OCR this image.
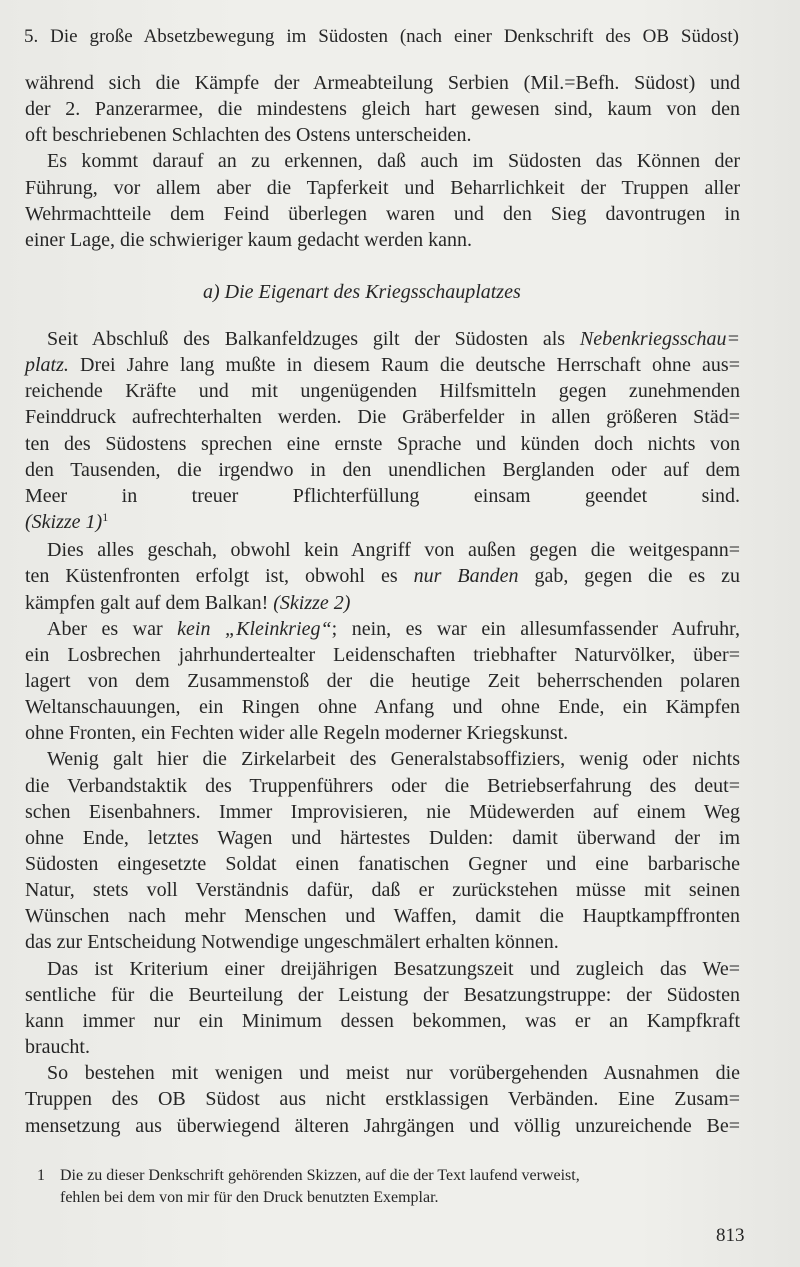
5. Die große Absetzbewegung im Südosten (nach einer Denkschrift des OB Südost)
während sich die Kämpfe der Armeabteilung Serbien (Mil.=Befh. Südost) und
der 2. Panzerarmee, die mindestens gleich hart gewesen sind, kaum von den
oft beschriebenen Schlachten des Ostens unterscheiden.
Es kommt darauf an zu erkennen, daß auch im Südosten das Können der
Führung, vor allem aber die Tapferkeit und Beharrlichkeit der Truppen aller
Wehrmachtteile dem Feind überlegen waren und den Sieg davontrugen in
einer Lage, die schwieriger kaum gedacht werden kann.
Seit Abschluß des Balkanfeldzuges gilt der Südosten als Nebenkriegsschau=
platz. Drei Jahre lang mußte in diesem Raum die deutsche Herrschaft ohne aus=
reichende Kräfte und mit ungenügenden Hilfsmitteln gegen zunehmenden
Feinddruck aufrechterhalten werden. Die Gräberfelder in allen größeren Städ=
ten des Südostens sprechen eine ernste Sprache und künden doch nichts von
den Tausenden, die irgendwo in den unendlichen Berglanden oder auf dem
Meer in treuer Pflichterfüllung einsam geendet sind.
(Skizze 1)$^1$
Dies alles geschah, obwohl kein Angriff von außen gegen die weitgespann=
ten Küstenfronten erfolgt ist, obwohl es nur Banden gab, gegen die es zu
kämpfen galt auf dem Balkan! (Skizze 2)
Aber es war kein „Kleinkrieg“; nein, es war ein allesumfassender Aufruhr,
ein Losbrechen jahrhundertealter Leidenschaften triebhafter Naturvölker, über=
lagert von dem Zusammenstoß der die heutige Zeit beherrschenden polaren
Weltanschauungen, ein Ringen ohne Anfang und ohne Ende, ein Kämpfen
ohne Fronten, ein Fechten wider alle Regeln moderner Kriegskunst.
Wenig galt hier die Zirkelarbeit des Generalstabsoffiziers, wenig oder nichts
die Verbandstaktik des Truppenführers oder die Betriebserfahrung des deut=
schen Eisenbahners. Immer Improvisieren, nie Müdewerden auf einem Weg
ohne Ende, letztes Wagen und härtestes Dulden: damit überwand der im
Südosten eingesetzte Soldat einen fanatischen Gegner und eine barbarische
Natur, stets voll Verständnis dafür, daß er zurückstehen müsse mit seinen
Wünschen nach mehr Menschen und Waffen, damit die Hauptkampffronten
das zur Entscheidung Notwendige ungeschmälert erhalten können.
Das ist Kriterium einer dreijährigen Besatzungszeit und zugleich das We=
sentliche für die Beurteilung der Leistung der Besatzungstruppe: der Südosten
kann immer nur ein Minimum dessen bekommen, was er an Kampfkraft
braucht.
So bestehen mit wenigen und meist nur vorübergehenden Ausnahmen die
Truppen des OB Südost aus nicht erstklassigen Verbänden. Eine Zusam=
mensetzung aus überwiegend älteren Jahrgängen und völlig unzureichende Be=
a) Die Eigenart des Kriegsschauplatzes
1 Die zu dieser Denkschrift gehörenden Skizzen, auf die der Text laufend verweist,
fehlen bei dem von mir für den Druck benutzten Exemplar.
813
